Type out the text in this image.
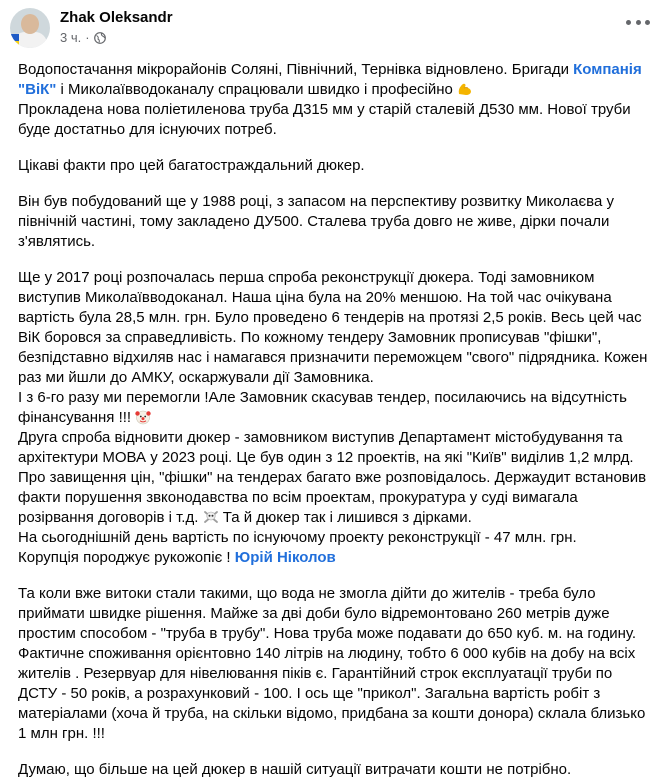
Zhak Oleksandr
3 ч. ·

Водопостачання мікрорайонів Соляні, Північний, Тернівка відновлено. Бригади Компанія "ВіК" і Миколаївводоканалу спрацювали швидко і професійно
Прокладена нова поліетиленова труба Д315 мм у старій сталевій Д530 мм. Нової труби буде достатньо для існуючих потреб.

Цікаві факти про цей багатостраждальний дюкер.

Він був побудований ще у 1988 році, з запасом на перспективу розвитку Миколаєва у північній частині, тому закладено ДУ500. Сталева труба довго не живе, дірки почали з'являтись.

Ще у 2017 році розпочалась перша спроба реконструкції дюкера. Тоді замовником виступив Миколаївводоканал. Наша ціна була на 20% меншою. На той час очікувана вартість була 28,5 млн. грн. Було проведено 6 тендерів на протязі 2,5 років. Весь цей час ВіК боровся за справедливість. По кожному тендеру Замовник прописував "фішки", безпідставно відхиляв нас і намагався призначити переможцем "свого" підрядника. Кожен раз ми йшли до АМКУ, оскаржували дії Замовника.
І з 6-го разу ми перемогли !Але Замовник скасував тендер, посилаючись на відсутність фінансування !!!
Друга спроба відновити дюкер - замовником виступив Департамент містобудування та архітектури МОВА у 2023 році. Це був один з 12 проектів, на які "Київ" виділив 1,2 млрд. Про завищення цін, "фішки" на тендерах багато вже розповідалось. Держаудит встановив факти порушення звконодавства по всім проектам, прокуратура у суді вимагала розірвання договорів і т.д.  Та й дюкер так і лишився з дірками.
На сьогоднішній день вартість по існуючому проекту реконструкції - 47 млн. грн.
Корупція породжує рукожопіє ! Юрій Ніколов

Та коли вже витоки стали такими, що вода не змогла дійти до жителів - треба було приймати швидке рішення. Майже за дві доби було відремонтовано 260 метрів дуже простим способом - "труба в трубу". Нова труба може подавати до 650 куб. м. на годину. Фактичне споживання орієнтовно 140 літрів на людину, тобто 6 000 кубів на добу на всіх жителів . Резервуар для нівелювання піків є. Гарантійний строк експлуатації труби по ДСТУ - 50 років, а розрахунковий - 100. І ось ще "прикол". Загальна вартість робіт з матеріалами (хоча й труба, на скільки відомо, придбана за кошти донора) склала близько 1 млн грн. !!!

Думаю, що більше на цей дюкер в нашій ситуації витрачати кошти не потрібно.
